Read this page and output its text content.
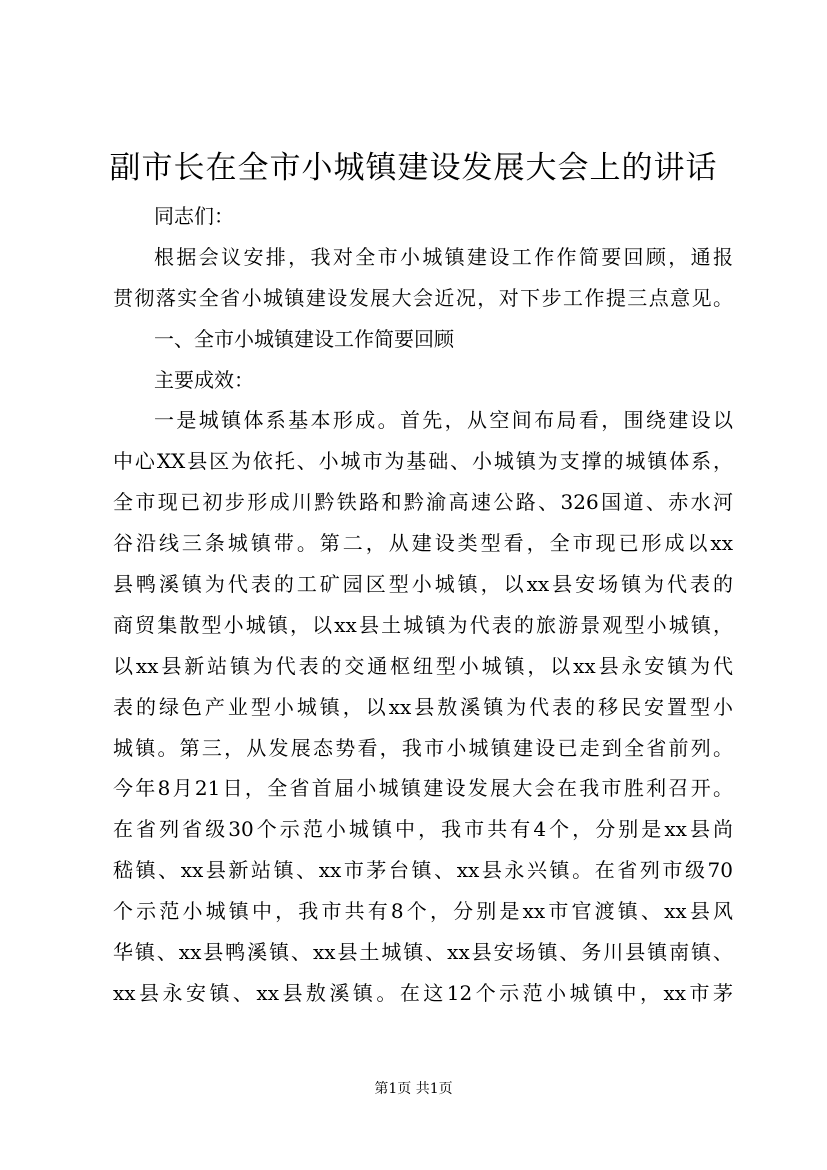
副市长在全市小城镇建设发展大会上的讲话
同志们：
根据会议安排，我对全市小城镇建设工作作简要回顾，通报
贯彻落实全省小城镇建设发展大会近况，对下步工作提三点意见。
一、全市小城镇建设工作简要回顾
主要成效：
一是城镇体系基本形成。首先，从空间布局看，围绕建设以
中心XX县区为依托、小城市为基础、小城镇为支撑的城镇体系，
全市现已初步形成川黔铁路和黔渝高速公路、326国道、赤水河
谷沿线三条城镇带。第二，从建设类型看，全市现已形成以xx
县鸭溪镇为代表的工矿园区型小城镇，以xx县安场镇为代表的
商贸集散型小城镇，以xx县土城镇为代表的旅游景观型小城镇，
以xx县新站镇为代表的交通枢纽型小城镇，以xx县永安镇为代
表的绿色产业型小城镇，以xx县敖溪镇为代表的移民安置型小
城镇。第三，从发展态势看，我市小城镇建设已走到全省前列。
今年8月21日，全省首届小城镇建设发展大会在我市胜利召开。
在省列省级30个示范小城镇中，我市共有4个，分别是xx县尚
嵇镇、xx县新站镇、xx市茅台镇、xx县永兴镇。在省列市级70
个示范小城镇中，我市共有8个，分别是xx市官渡镇、xx县风
华镇、xx县鸭溪镇、xx县土城镇、xx县安场镇、务川县镇南镇、
xx县永安镇、xx县敖溪镇。在这12个示范小城镇中，xx市茅
第1页 共1页
